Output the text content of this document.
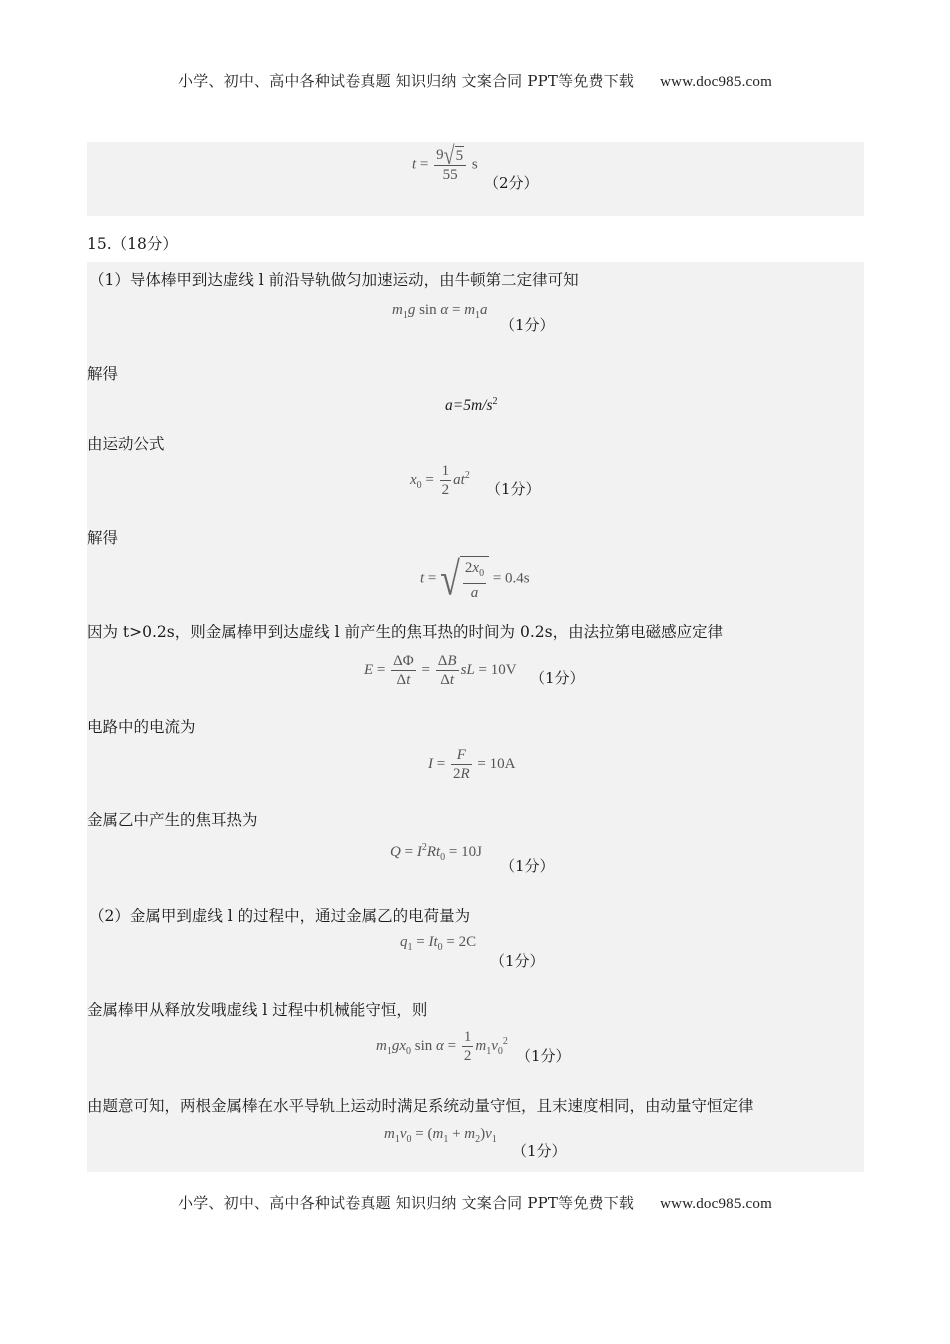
小学、初中、高中各种试卷真题 知识归纳 文案合同 PPT等免费下载 www.doc985.com
$t = \frac{9√5}{55}$ s
（2分）
15.（18分）
（1）导体棒甲到达虚线 l 前沿导轨做匀加速运动，由牛顿第二定律可知
$m_1g$ $\sin \alpha = m_1a$
（1分）
解得
$a=5m/s^2$
由运动公式
$x_0 = \frac{1}{2} at^2$
（1分）
解得
t = √ $\frac{2x_0}{a} = 0.4s$
因为 t>0.2s，则金属棒甲到达虚线 l 前产生的焦耳热的时间为 0.2s，由法拉第电磁感应定律
$E = \frac{\Delta\Phi}{\Delta t} = \frac{\Delta B}{\Delta t}$ sL = 10V （1分）
电路中的电流为
$I = \frac{F}{2R} = 10A$
金属乙中产生的焦耳热为
$Q = I^2Rt_0 = 10J$
（1分）
（2）金属甲到虚线 l 的过程中，通过金属乙的电荷量为
$q_1 = It_0 = 2C$
（1分）
金属棒甲从释放发哦虚线 l 过程中机械能守恒，则
$m_1gx_0$ $\sin \alpha = \frac{1}{2} m_1v_0^2$
（1分）
由题意可知，两根金属棒在水平导轨上运动时满足系统动量守恒，且末速度相同，由动量守恒定律
$m_1v_0 = (m_1 + m_2)v_1$
（1分）
小学、初中、高中各种试卷真题 知识归纳 文案合同 PPT等免费下载 www.doc985.com
